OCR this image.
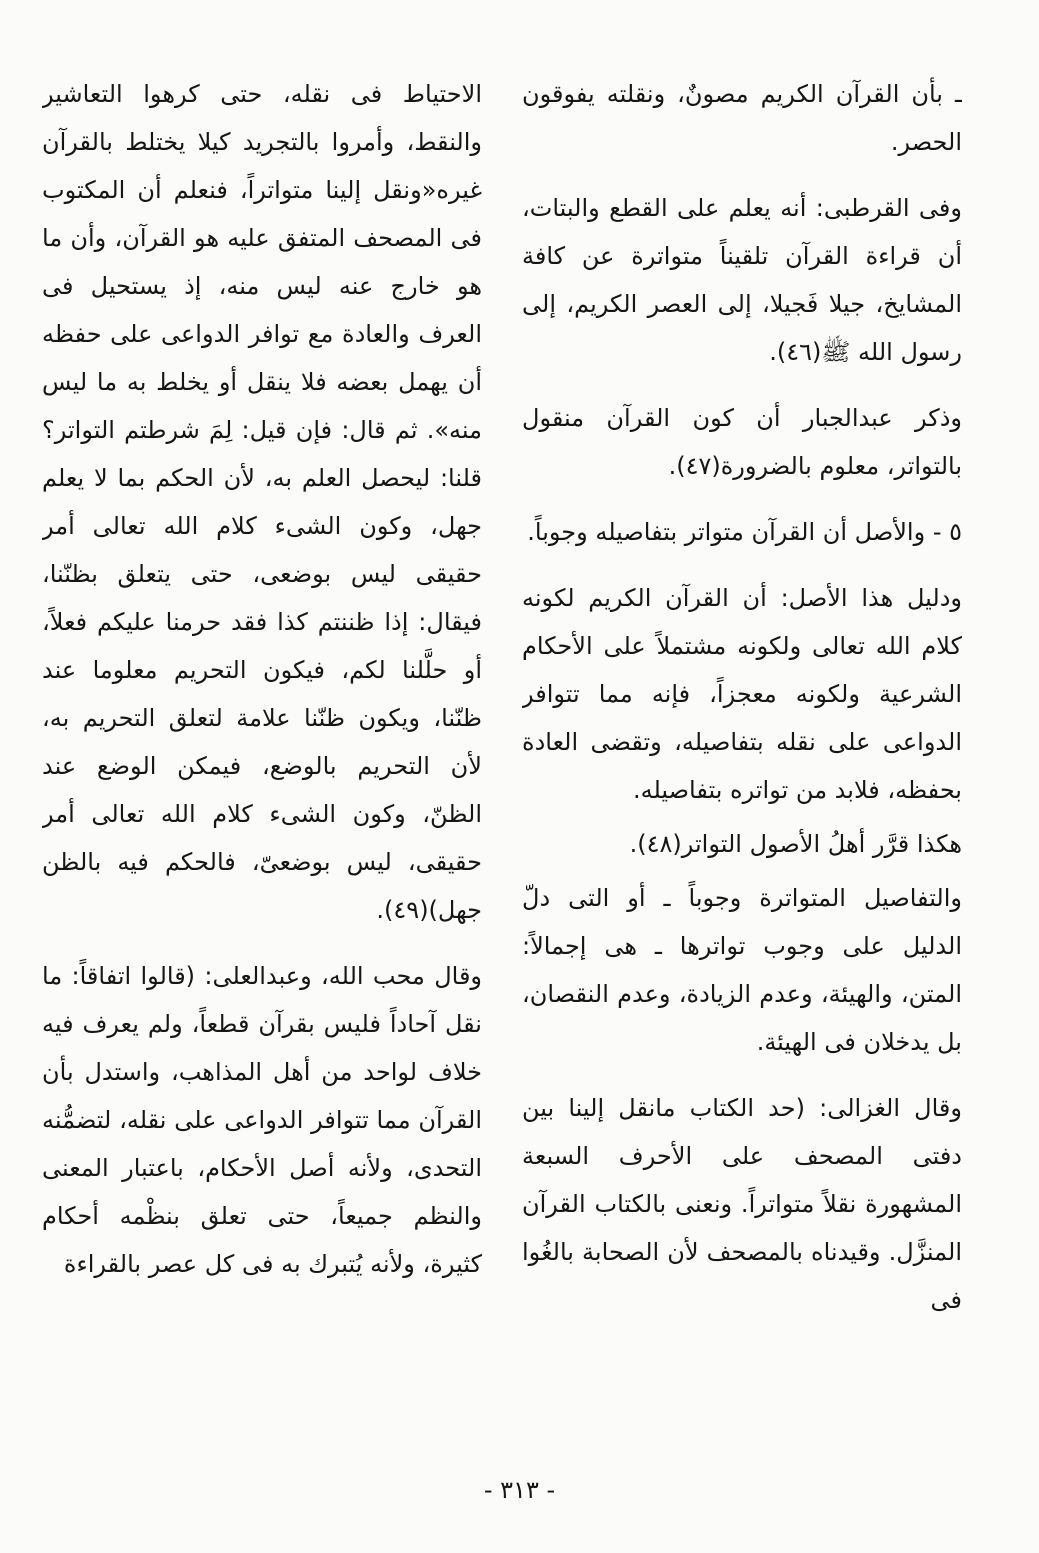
ـ بأن القرآن الكريم مصونٌ، ونقلته يفوقون الحصر.

وفى القرطبى: أنه يعلم على القطع والبتات، أن قراءة القرآن تلقيناً متواترة عن كافة المشايخ، جيلا فَجيلا، إلى العصر الكريم، إلى رسول الله ﷺ(٤٦).

وذكر عبدالجبار أن كون القرآن منقول بالتواتر، معلوم بالضرورة(٤٧).

٥ - والأصل أن القرآن متواتر بتفاصيله وجوباً.

ودليل هذا الأصل: أن القرآن الكريم لكونه كلام الله تعالى ولكونه مشتملاً على الأحكام الشرعية ولكونه معجزاً، فإنه مما تتوافر الدواعى على نقله بتفاصيله، وتقضى العادة بحفظه، فلابد من تواتره بتفاصيله.

هكذا قرَّر أهلُ الأصول التواتر(٤٨).

والتفاصيل المتواترة وجوباً ـ أو التى دلّ الدليل على وجوب تواترها ـ هى إجمالاً: المتن، والهيئة، وعدم الزيادة، وعدم النقصان، بل يدخلان فى الهيئة.

وقال الغزالى: (حد الكتاب مانقل إلينا بين دفتى المصحف على الأحرف السبعة المشهورة نقلاً متواتراً. ونعنى بالكتاب القرآن المنزَّل. وقيدناه بالمصحف لأن الصحابة بالغُوا فى

الاحتياط فى نقله، حتى كرهوا التعاشير والنقط، وأمروا بالتجريد كيلا يختلط بالقرآن غيره«ونقل إلينا متواتراً، فنعلم أن المكتوب فى المصحف المتفق عليه هو القرآن، وأن ما هو خارج عنه ليس منه، إذ يستحيل فى العرف والعادة مع توافر الدواعى على حفظه أن يهمل بعضه فلا ينقل أو يخلط به ما ليس منه». ثم قال: فإن قيل: لِمَ شرطتم التواتر؟ قلنا: ليحصل العلم به، لأن الحكم بما لا يعلم جهل، وكون الشىء كلام الله تعالى أمر حقيقى ليس بوضعى، حتى يتعلق بظنّنا، فيقال: إذا ظننتم كذا فقد حرمنا عليكم فعلاً، أو حلَّلنا لكم، فيكون التحريم معلوما عند ظنّنا، ويكون ظنّنا علامة لتعلق التحريم به، لأن التحريم بالوضع، فيمكن الوضع عند الظنّ، وكون الشىء كلام الله تعالى أمر حقيقى، ليس بوضعىّ، فالحكم فيه بالظن جهل)(٤٩).

وقال محب الله، وعبدالعلى: (قالوا اتفاقاً: ما نقل آحاداً فليس بقرآن قطعاً، ولم يعرف فيه خلاف لواحد من أهل المذاهب، واستدل بأن القرآن مما تتوافر الدواعى على نقله، لتضمُّنه التحدى، ولأنه أصل الأحكام، باعتبار المعنى والنظم جميعاً، حتى تعلق بنظْمه أحكام كثيرة، ولأنه يُتبرك به فى كل عصر بالقراءة

- ٣١٣ -
